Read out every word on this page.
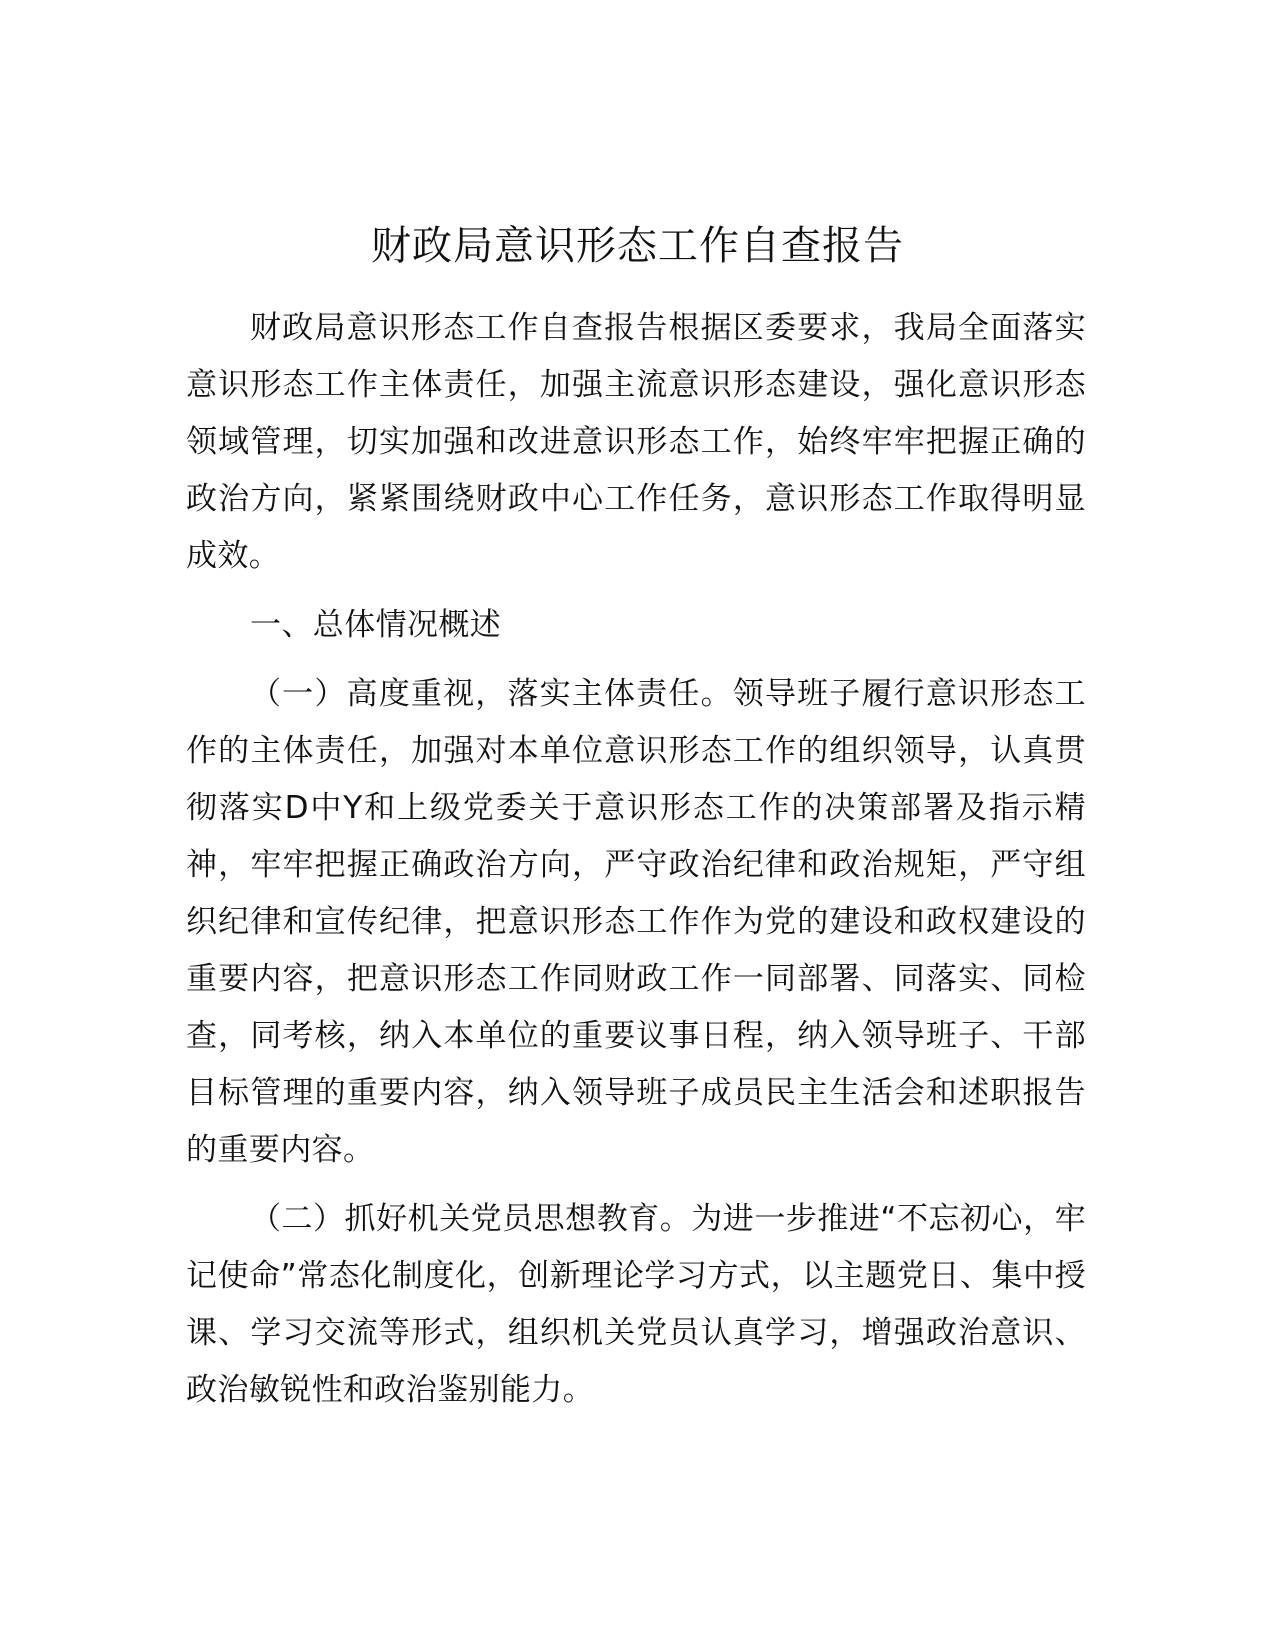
财政局意识形态工作自查报告

财政局意识形态工作自查报告根据区委要求，我局全面落实意识形态工作主体责任，加强主流意识形态建设，强化意识形态领域管理，切实加强和改进意识形态工作，始终牢牢把握正确的政治方向，紧紧围绕财政中心工作任务，意识形态工作取得明显成效。

一、总体情况概述

（一）高度重视，落实主体责任。领导班子履行意识形态工作的主体责任，加强对本单位意识形态工作的组织领导，认真贯彻落实D中Y和上级党委关于意识形态工作的决策部署及指示精神，牢牢把握正确政治方向，严守政治纪律和政治规矩，严守组织纪律和宣传纪律，把意识形态工作作为党的建设和政权建设的重要内容，把意识形态工作同财政工作一同部署、同落实、同检查，同考核，纳入本单位的重要议事日程，纳入领导班子、干部目标管理的重要内容，纳入领导班子成员民主生活会和述职报告的重要内容。

（二）抓好机关党员思想教育。为进一步推进“不忘初心，牢记使命”常态化制度化，创新理论学习方式，以主题党日、集中授课、学习交流等形式，组织机关党员认真学习，增强政治意识、政治敏锐性和政治鉴别能力。
